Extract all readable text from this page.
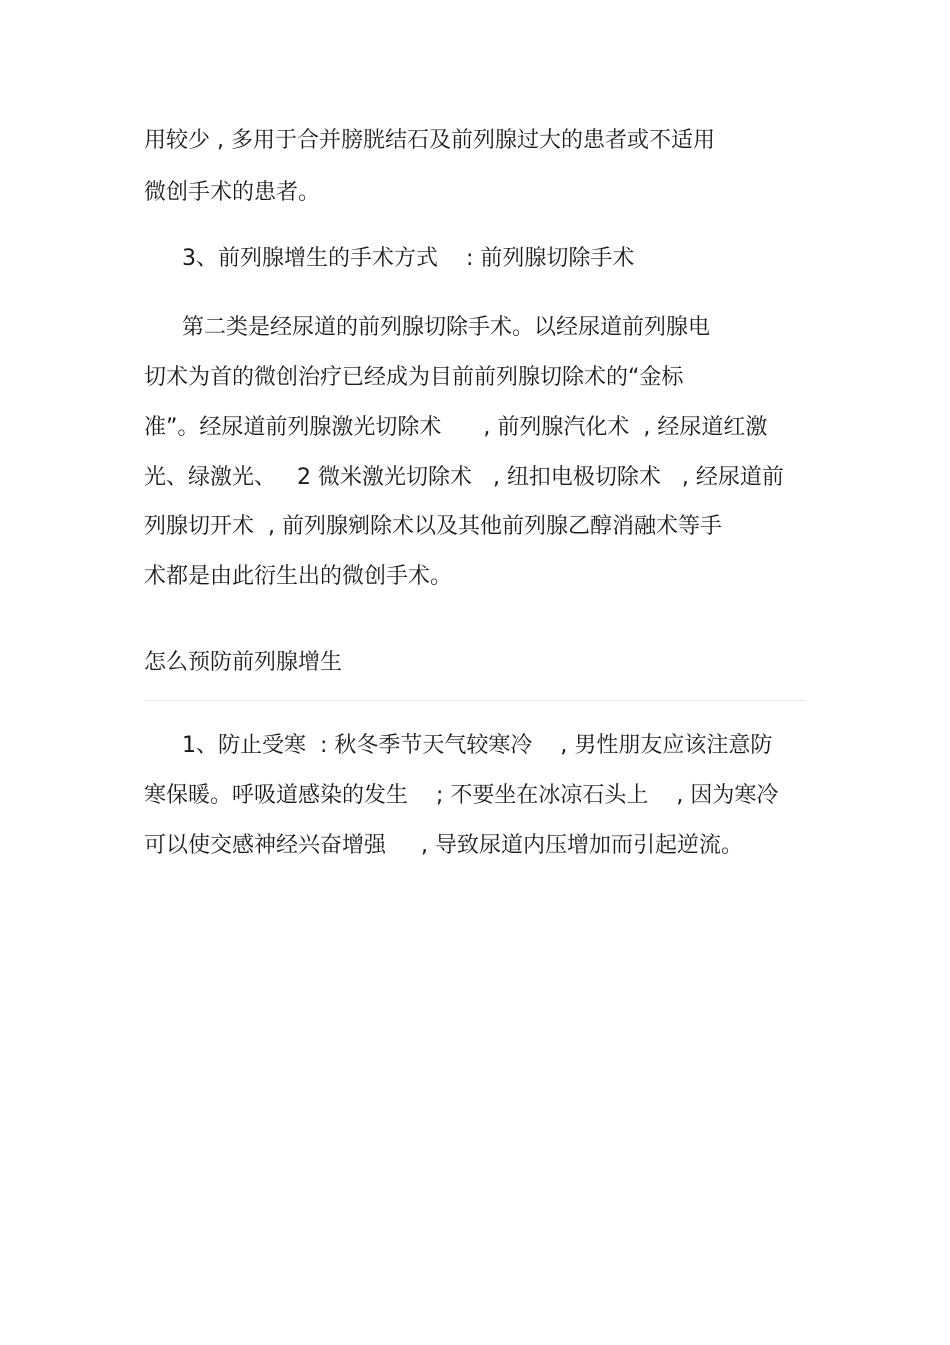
用较少 , 多用于合并膀胱结石及前列腺过大的患者或不适用
微创手术的患者。
3、前列腺增生的手术方式    : 前列腺切除手术
第二类是经尿道的前列腺切除手术。以经尿道前列腺电
切术为首的微创治疗已经成为目前前列腺切除术的“金标
准”。经尿道前列腺激光切除术      , 前列腺汽化术  , 经尿道红激
光、绿激光、   2 微米激光切除术   , 纽扣电极切除术   , 经尿道前
列腺切开术  , 前列腺剜除术以及其他前列腺乙醇消融术等手
术都是由此衍生出的微创手术。
怎么预防前列腺增生
1、防止受寒  : 秋冬季节天气较寒冷    , 男性朋友应该注意防
寒保暖。呼吸道感染的发生    ; 不要坐在冰凉石头上    , 因为寒冷
可以使交感神经兴奋增强     , 导致尿道内压增加而引起逆流。
